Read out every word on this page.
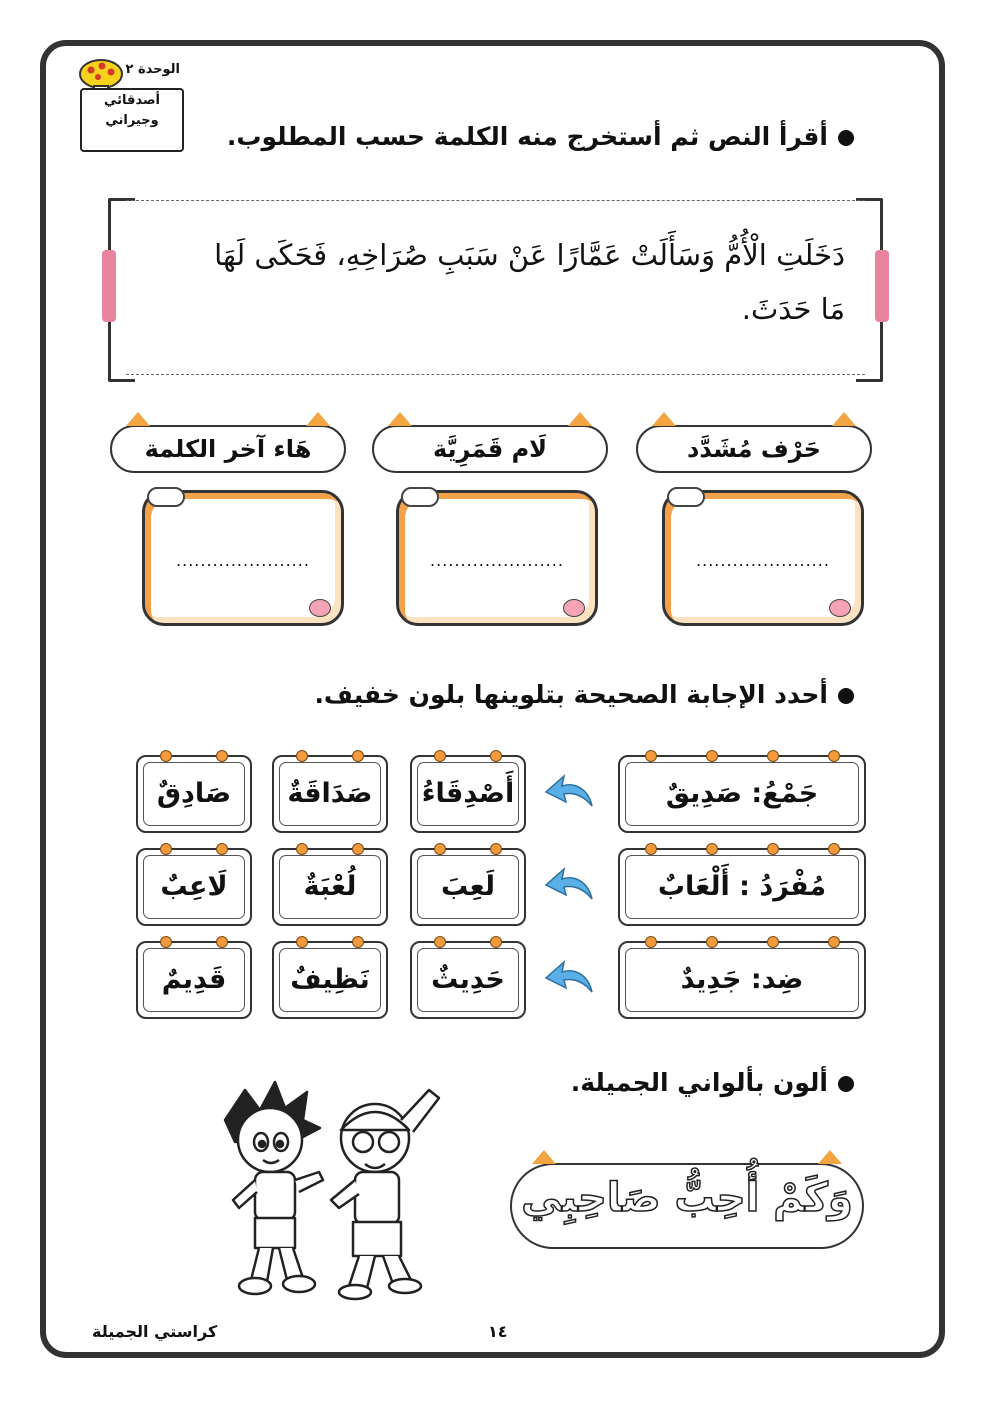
الوحدة ٢
أصدقائي
وجيراني
أقرأ النص ثم أستخرج منه الكلمة حسب المطلوب.
دَخَلَتِ الْأُمُّ وَسَأَلَتْ عَمَّارًا عَنْ سَبَبِ صُرَاخِهِ، فَحَكَى لَهَا
مَا حَدَثَ.
حَرْف مُشَدَّد
لَام قَمَرِيَّة
هَاء آخر الكلمة
......................
......................
......................
أحدد الإجابة الصحيحة بتلوينها بلون خفيف.
جَمْعُ: صَدِيقٌ
أَصْدِقَاءُ
صَدَاقَةٌ
صَادِقٌ
مُفْرَدُ : أَلْعَابٌ
لَعِبَ
لُعْبَةٌ
لَاعِبٌ
ضِد: جَدِيدٌ
حَدِيثٌ
نَظِيفٌ
قَدِيمٌ
ألون بألواني الجميلة.
وَكَمْ أُحِبُّ صَاحِبِي
كراستي الجميلة	١٤
